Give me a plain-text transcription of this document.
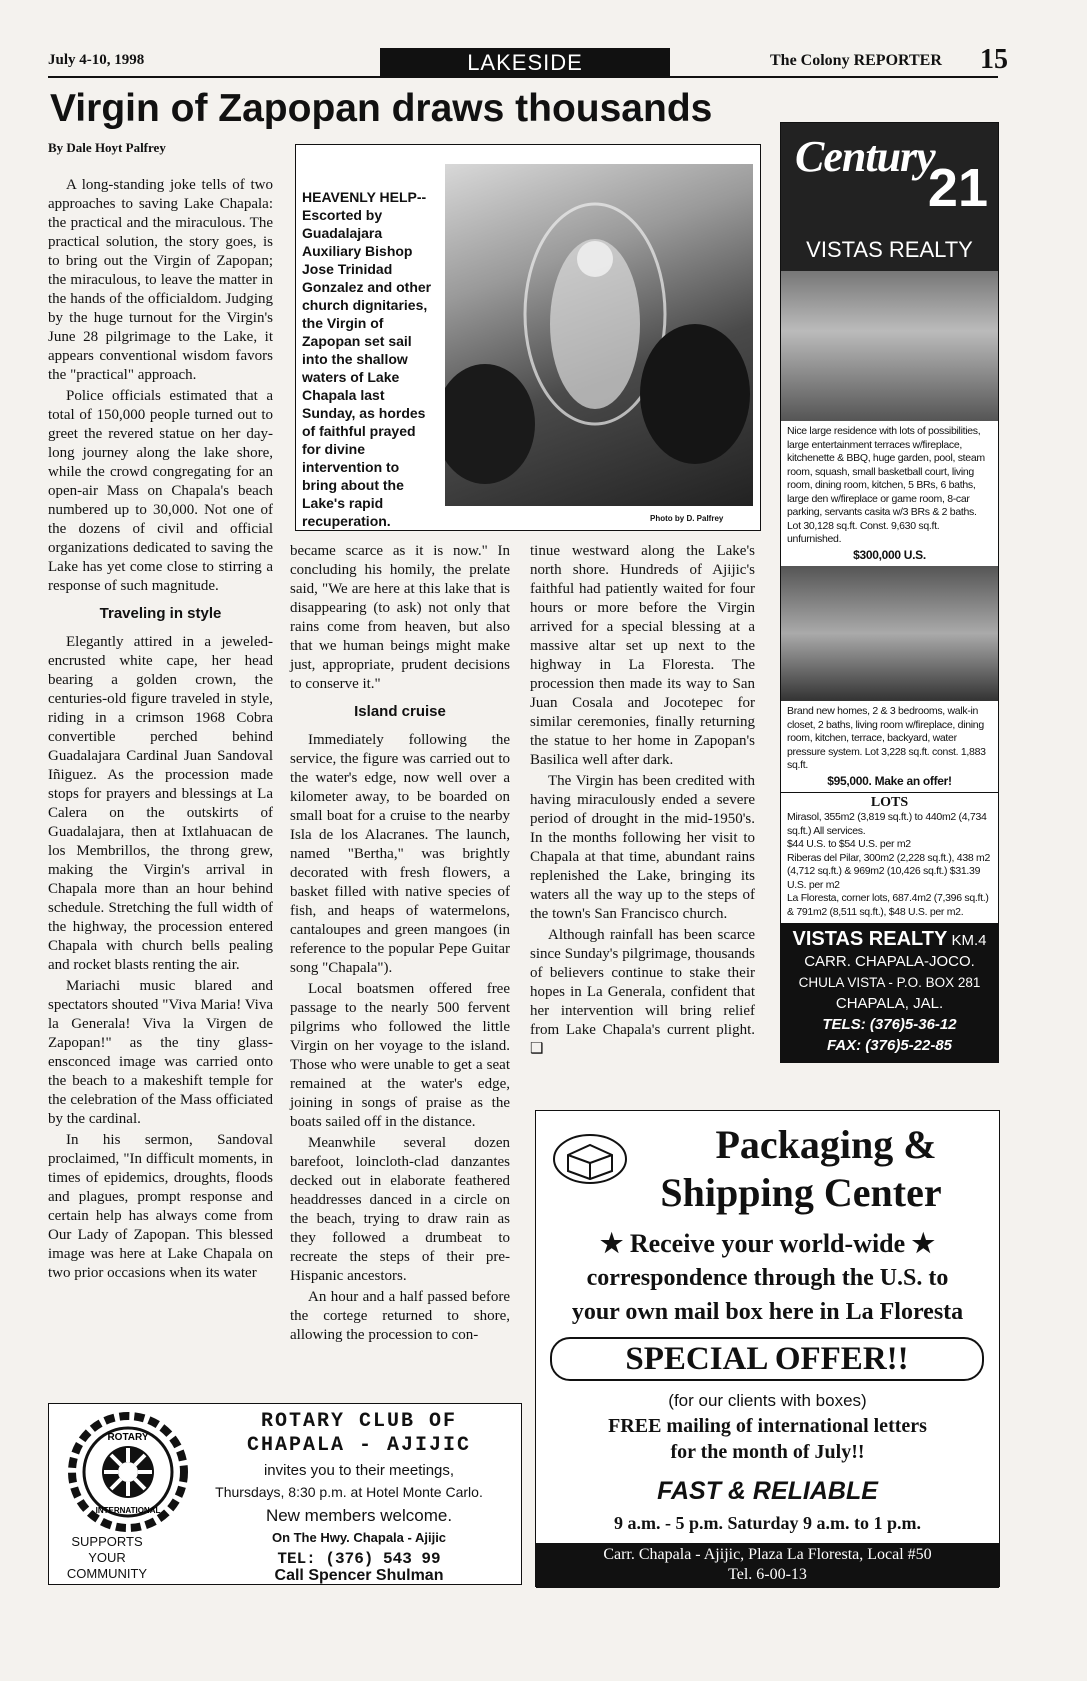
July 4-10, 1998	LAKESIDE	The Colony REPORTER 15
Virgin of Zapopan draws thousands
By Dale Hoyt Palfrey

A long-standing joke tells of two approaches to saving Lake Chapala: the practical and the miraculous. The practical solution, the story goes, is to bring out the Virgin of Zapopan; the miraculous, to leave the matter in the hands of the officialdom. Judging by the huge turnout for the Virgin's June 28 pilgrimage to the Lake, it appears conventional wisdom favors the "practical" approach.

Police officials estimated that a total of 150,000 people turned out to greet the revered statue on her day-long journey along the lake shore, while the crowd congregating for an open-air Mass on Chapala's beach numbered up to 30,000. Not one of the dozens of civil and official organizations dedicated to saving the Lake has yet come close to stirring a response of such magnitude.

Traveling in style

Elegantly attired in a jeweled-encrusted white cape, her head bearing a golden crown, the centuries-old figure traveled in style, riding in a crimson 1968 Cobra convertible perched behind Guadalajara Cardinal Juan Sandoval Iñiguez. As the procession made stops for prayers and blessings at La Calera on the outskirts of Guadalajara, then at Ixtlahuacan de los Membrillos, the throng grew, making the Virgin's arrival in Chapala more than an hour behind schedule. Stretching the full width of the highway, the procession entered Chapala with church bells pealing and rocket blasts renting the air.

Mariachi music blared and spectators shouted "Viva Maria! Viva la Generala! Viva la Virgen de Zapopan!" as the tiny glass-ensconced image was carried onto the beach to a makeshift temple for the celebration of the Mass officiated by the cardinal.

In his sermon, Sandoval proclaimed, "In difficult moments, in times of epidemics, droughts, floods and plagues, prompt response and certain help has always come from Our Lady of Zapopan. This blessed image was here at Lake Chapala on two prior occasions when its water

HEAVENLY HELP-- Escorted by Guadalajara Auxiliary Bishop Jose Trinidad Gonzalez and other church dignitaries, the Virgin of Zapopan set sail into the shallow waters of Lake Chapala last Sunday, as hordes of faithful prayed for divine intervention to bring about the Lake's rapid recuperation.	Photo by D. Palfrey

became scarce as it is now." In concluding his homily, the prelate said, "We are here at this lake that is disappearing (to ask) not only that rains come from heaven, but also that we human beings might make just, appropriate, prudent decisions to conserve it."

Island cruise

Immediately following the service, the figure was carried out to the water's edge, now well over a kilometer away, to be boarded on small boat for a cruise to the nearby Isla de los Alacranes. The launch, named "Bertha," was brightly decorated with fresh flowers, a basket filled with native species of fish, and heaps of watermelons, cantaloupes and green mangoes (in reference to the popular Pepe Guitar song "Chapala").

Local boatsmen offered free passage to the nearly 500 fervent pilgrims who followed the little Virgin on her voyage to the island. Those who were unable to get a seat remained at the water's edge, joining in songs of praise as the boats sailed off in the distance.

Meanwhile several dozen barefoot, loincloth-clad danzantes decked out in elaborate feathered headdresses danced in a circle on the beach, trying to draw rain as they followed a drumbeat to recreate the steps of their pre-Hispanic ancestors.

An hour and a half passed before the cortege returned to shore, allowing the procession to con-

tinue westward along the Lake's north shore. Hundreds of Ajijic's faithful had patiently waited for four hours or more before the Virgin arrived for a special blessing at a massive altar set up next to the highway in La Floresta. The procession then made its way to San Juan Cosala and Jocotepec for similar ceremonies, finally returning the statue to her home in Zapopan's Basilica well after dark.

The Virgin has been credited with having miraculously ended a severe period of drought in the mid-1950's. In the months following her visit to Chapala at that time, abundant rains replenished the Lake, bringing its waters all the way up to the steps of the town's San Francisco church.

Although rainfall has been scarce since Sunday's pilgrimage, thousands of believers continue to stake their hopes in La Generala, confident that her intervention will bring relief from Lake Chapala's current plight. ❑

Century
21
VISTAS REALTY
Nice large residence with lots of possibilities, large entertainment terraces w/fireplace, kitchenette & BBQ, huge garden, pool, steam room, squash, small basketball court, living room, dining room, kitchen, 5 BRs, 6 baths, large den w/fireplace or game room, 8-car parking, servants casita w/3 BRs & 2 baths. Lot 30,128 sq.ft. Const. 9,630 sq.ft. unfurnished.
$300,000 U.S.
Brand new homes, 2 & 3 bedrooms, walk-in closet, 2 baths, living room w/fireplace, dining room, kitchen, terrace, backyard, water pressure system. Lot 3,228 sq.ft. const. 1,883 sq.ft.
$95,000. Make an offer!
LOTS
Mirasol, 355m2 (3,819 sq.ft.) to 440m2 (4,734 sq.ft.) All services.
$44 U.S. to $54 U.S. per m2
Riberas del Pilar, 300m2 (2,228 sq.ft.), 438 m2 (4,712 sq.ft.) & 969m2 (10,426 sq.ft.) $31.39 U.S. per m2
La Floresta, corner lots, 687.4m2 (7,396 sq.ft.) & 791m2 (8,511 sq.ft.), $48 U.S. per m2.
VISTAS REALTY KM.4
CARR. CHAPALA-JOCO.
CHULA VISTA - P.O. BOX 281
CHAPALA, JAL.
TELS: (376)5-36-12
FAX: (376)5-22-85
Packaging &
Shipping Center
★ Receive your world-wide ★
correspondence through the U.S. to
your own mail box here in La Floresta
SPECIAL OFFER!!
(for our clients with boxes)
FREE mailing of international letters
for the month of July!!
FAST & RELIABLE
9 a.m. - 5 p.m. Saturday 9 a.m. to 1 p.m.
Carr. Chapala - Ajijic, Plaza La Floresta, Local #50
Tel. 6-00-13
ROTARY
INTERNATIONAL
SUPPORTS
YOUR
COMMUNITY
ROTARY CLUB OF
CHAPALA - AJIJIC
invites you to their meetings,
Thursdays, 8:30 p.m. at Hotel Monte Carlo.
New members welcome.
On The Hwy. Chapala - Ajijic
TEL: (376) 543 99
Call Spencer Shulman
